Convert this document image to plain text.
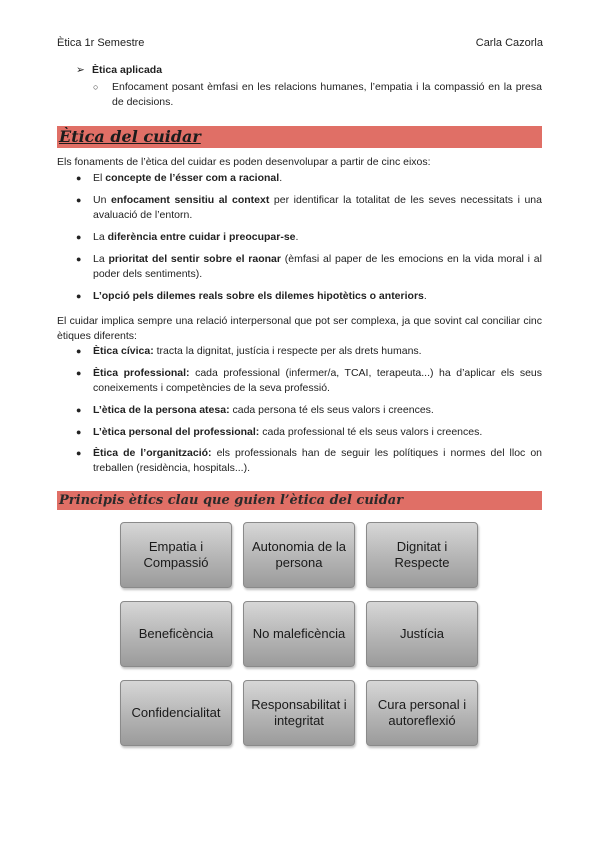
Ètica 1r Semestre	Carla Cazorla
➢ Ètica aplicada
○ Enfocament posant èmfasi en les relacions humanes, l’empatia i la compassió en la presa de decisions.
Ètica del cuidar
Els fonaments de l’ètica del cuidar es poden desenvolupar a partir de cinc eixos:
● El concepte de l’ésser com a racional.
● Un enfocament sensitiu al context per identificar la totalitat de les seves necessitats i una avaluació de l’entorn.
● La diferència entre cuidar i preocupar-se.
● La prioritat del sentir sobre el raonar (èmfasi al paper de les emocions en la vida moral i al poder dels sentiments).
● L’opció pels dilemes reals sobre els dilemes hipotètics o anteriors.
El cuidar implica sempre una relació interpersonal que pot ser complexa, ja que sovint cal conciliar cinc ètiques diferents:
● Ètica cívica: tracta la dignitat, justícia i respecte per als drets humans.
● Ètica professional: cada professional (infermer/a, TCAI, terapeuta...) ha d’aplicar els seus coneixements i competències de la seva professió.
● L’ètica de la persona atesa: cada persona té els seus valors i creences.
● L’ètica personal del professional: cada professional té els seus valors i creences.
● Ètica de l’organització: els professionals han de seguir les polítiques i normes del lloc on treballen (residència, hospitals...).
Principis ètics clau que guien l’ètica del cuidar
Empatia i Compassió
Autonomia de la persona
Dignitat i Respecte
Beneficència	No maleficència	Justícia
Confidencialitat
Responsabilitat i integritat
Cura personal i autoreflexió
